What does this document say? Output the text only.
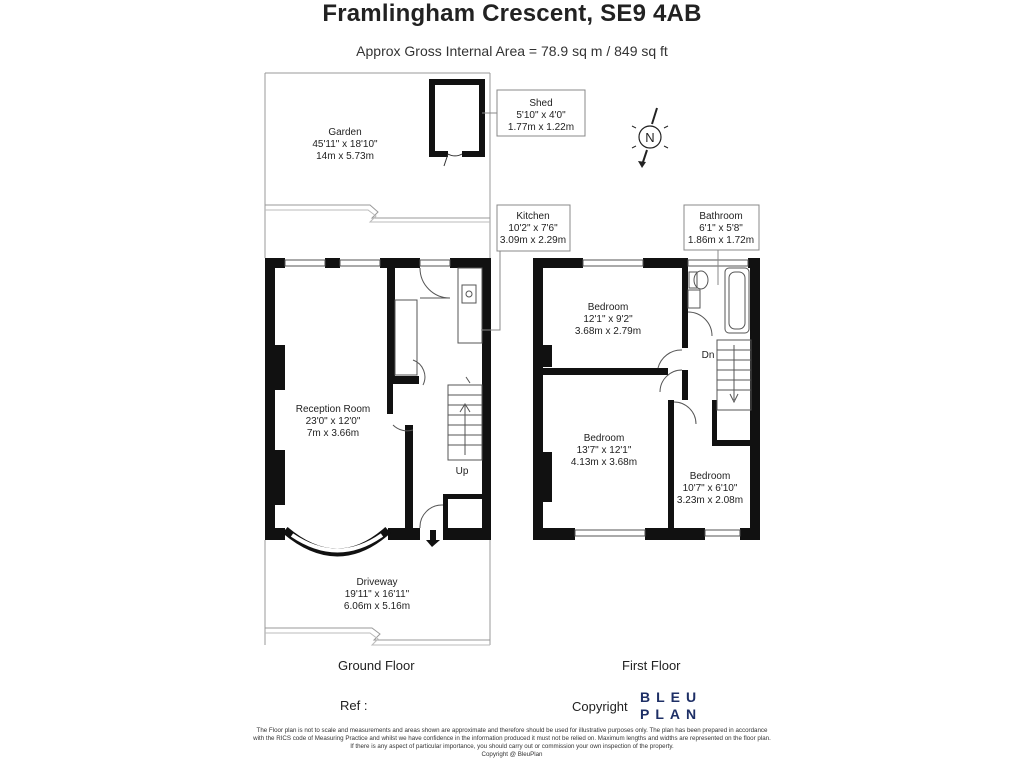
Framlingham Crescent, SE9 4AB
Approx Gross Internal Area = 78.9 sq m / 849 sq ft
Shed
5'10" x 4'0"
1.77m x 1.22m
Garden
45'11" x 18'10"
14m x 5.73m
N
Kitchen
10'2" x 7'6"
3.09m x 2.29m
Reception Room
23'0" x 12'0"
7m x 3.66m
Up
Driveway
19'11" x 16'11"
6.06m x 5.16m
Bathroom
6'1" x 5'8"
1.86m x 1.72m
Bedroom
12'1" x 9'2"
3.68m x 2.79m
Bedroom
13'7" x 12'1"
4.13m x 3.68m
Bedroom
10'7" x 6'10"
3.23m x 2.08m
Dn
Ground Floor	First Floor
Ref :	Copyright
BLEU
PLAN
The Floor plan is not to scale and measurements and areas shown are approximate and therefore should be used for illustrative purposes only. The plan has been prepared in accordance
with the RICS code of Measuring Practice and whilst we have confidence in the information produced it must not be relied on. Maximum lengths and widths are represented on the floor plan.
If there is any aspect of particular importance, you should carry out or commission your own inspection of the property.
Copyright @ BleuPlan
